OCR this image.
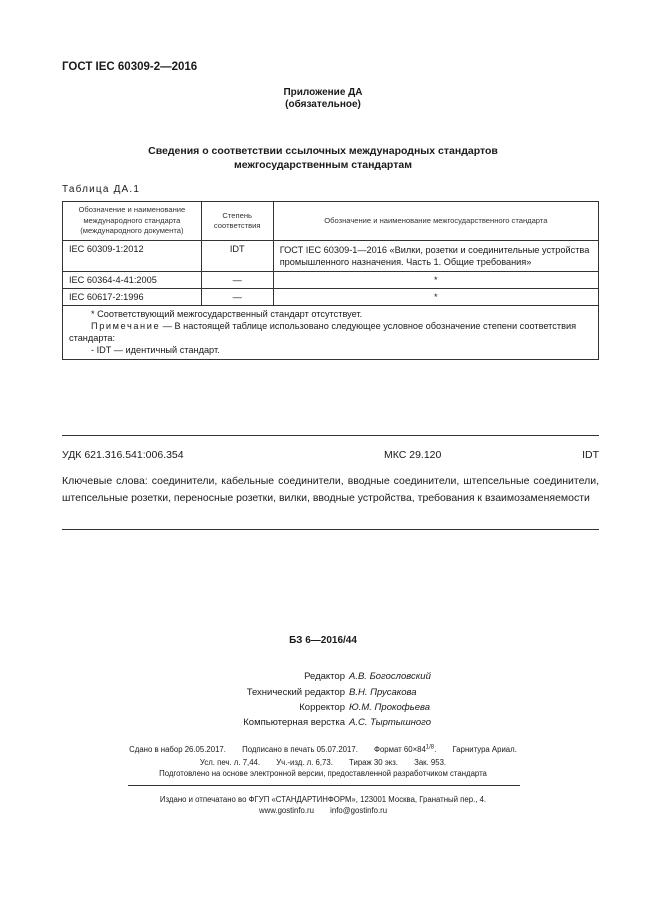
ГОСТ IEC 60309-2—2016
Приложение ДА
(обязательное)
Сведения о соответствии ссылочных международных стандартов
межгосударственным стандартам
Таблица ДА.1
Обозначение и наименование международного стандарта (международного документа)	Степень соответствия	Обозначение и наименование межгосударственного стандарта
IEC 60309-1:2012	IDT	ГОСТ IEC 60309-1—2016 «Вилки, розетки и соединительные устройства промышленного назначения. Часть 1. Общие требования»
IEC 60364-4-41:2005	—	*
IEC 60617-2:1996	—	*

* Соответствующий межгосударственный стандарт отсутствует.
Примечание — В настоящей таблице использовано следующее условное обозначение степени соответствия стандарта:
- IDT — идентичный стандарт.		
УДК 621.316.541:006.354	МКС 29.120	IDT
Ключевые слова: соединители, кабельные соединители, вводные соединители, штепсельные соединители, штепсельные розетки, переносные розетки, вилки, вводные устройства, требования к взаимозаменяемости
БЗ 6—2016/44
Редактор А.В. Богословский
Технический редактор В.Н. Прусакова
Корректор Ю.М. Прокофьева
Компьютерная верстка А.С. Тыртышного
Сдано в набор 26.05.2017. Подписано в печать 05.07.2017. Формат $60\times 84^{1/8}$. Гарнитура Ариал.
Усл. печ. л. 7,44. Уч.-изд. л. 6,73. Тираж 30 экз. Зак. 953.
Подготовлено на основе электронной версии, предоставленной разработчиком стандарта
Издано и отпечатано во ФГУП «СТАНДАРТИНФОРМ», 123001 Москва, Гранатный пер., 4.
www.gostinfo.ru info@gostinfo.ru
